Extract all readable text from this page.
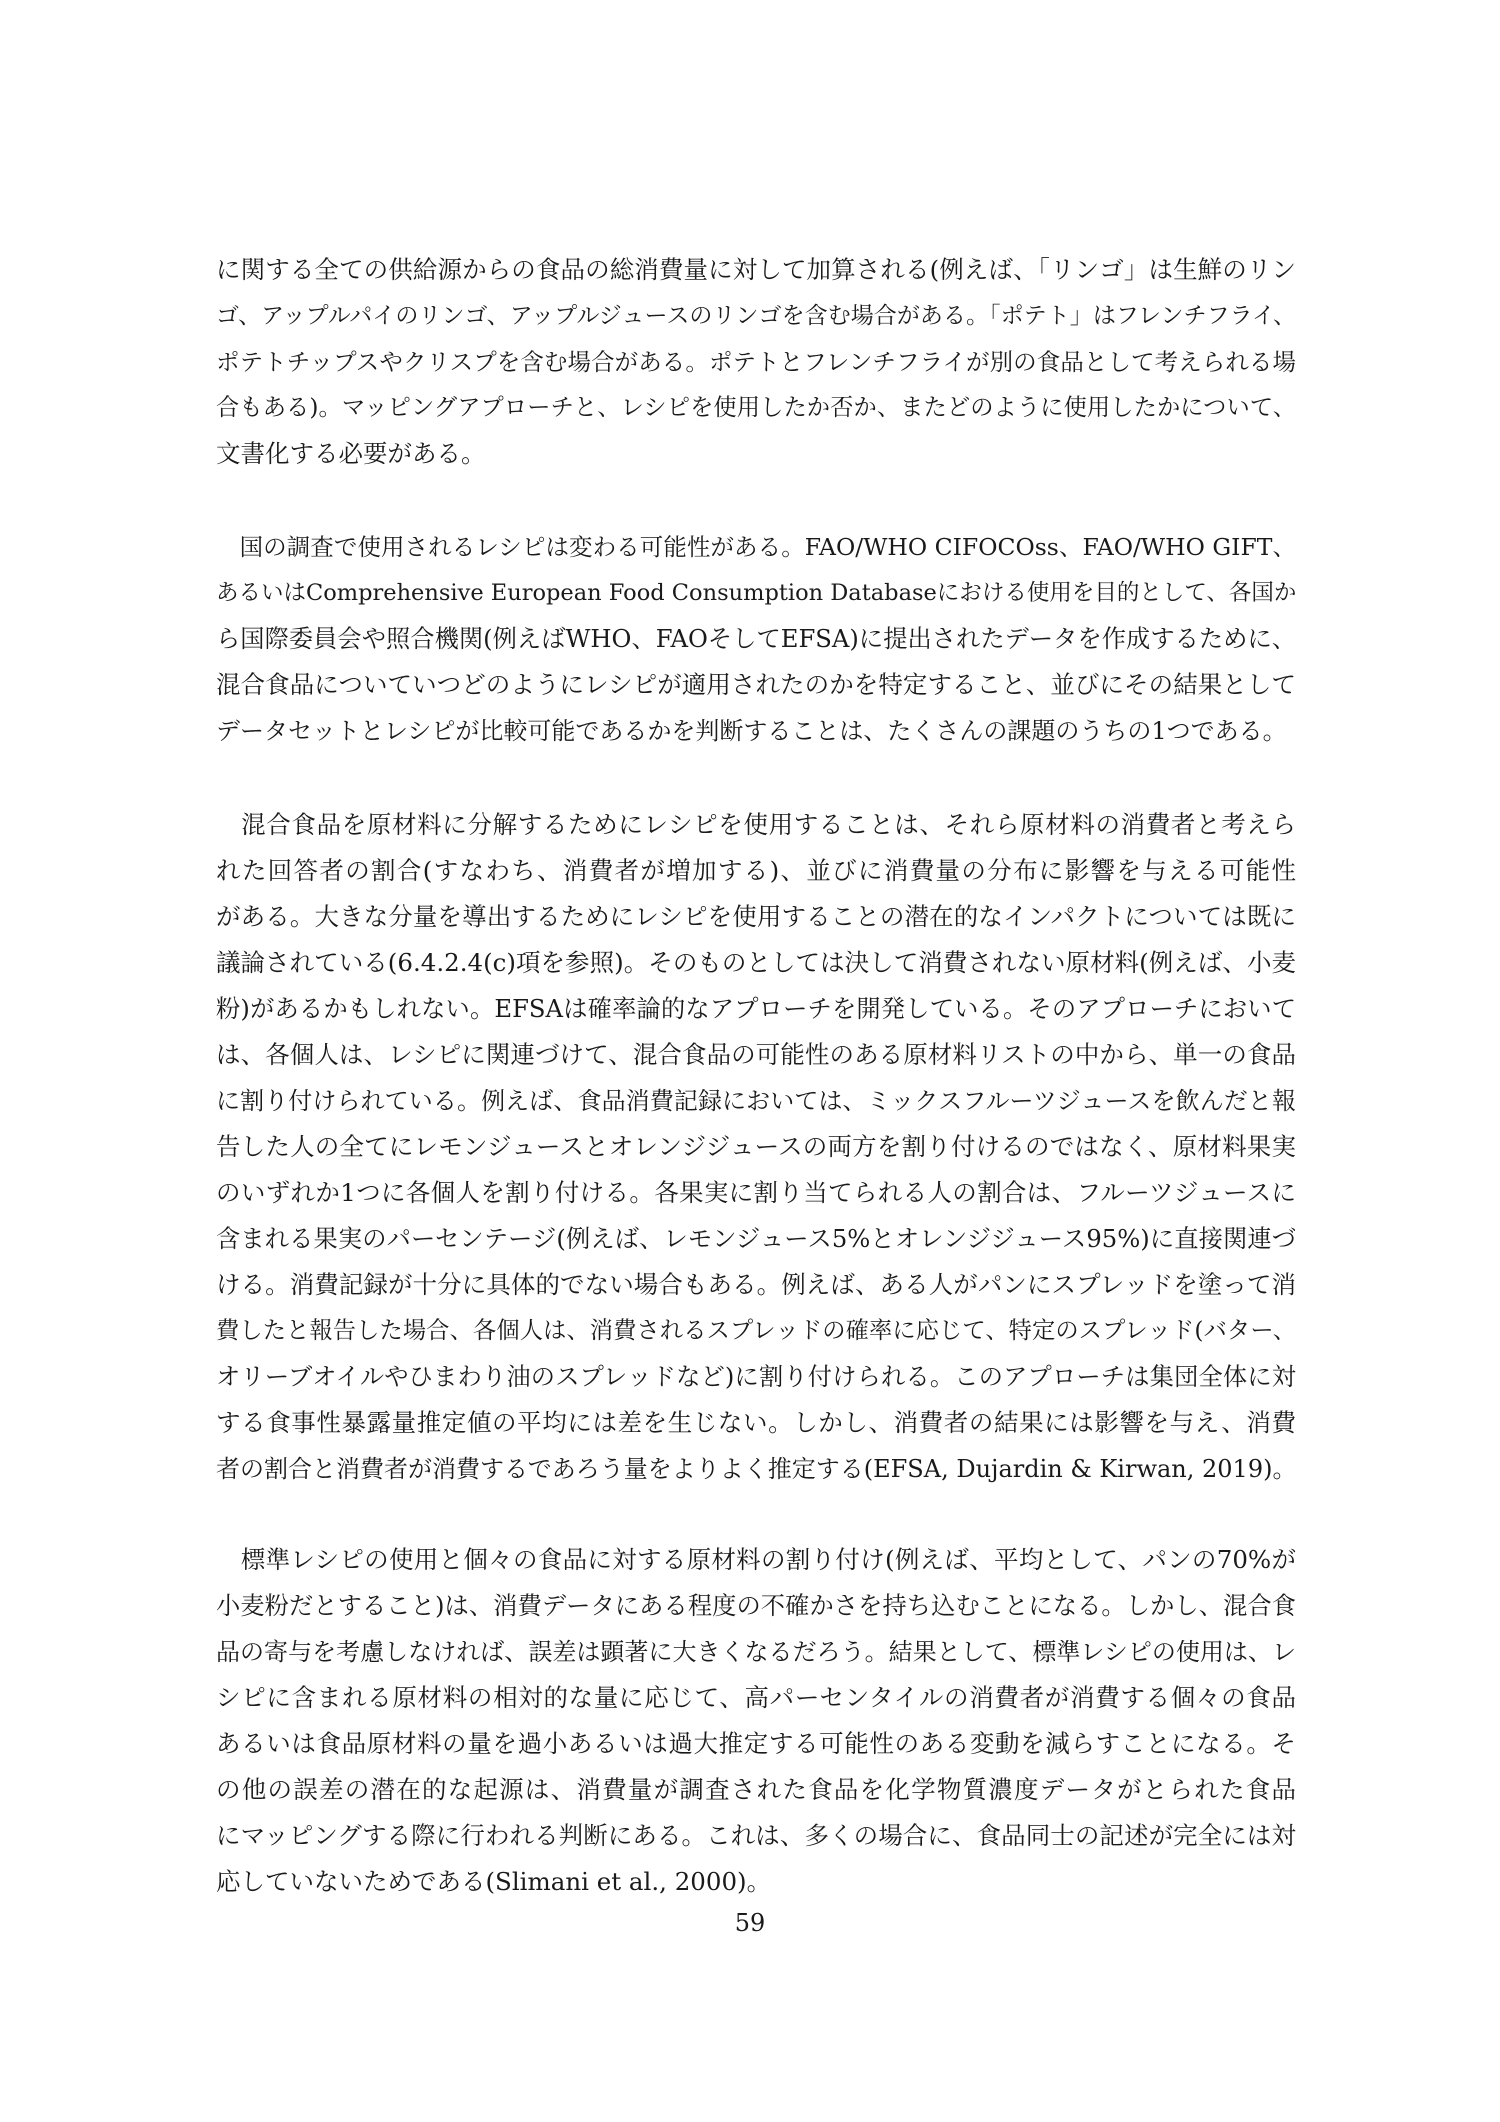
に関する全ての供給源からの食品の総消費量に対して加算される(例えば、「リンゴ」は生鮮のリン
ゴ、アップルパイのリンゴ、アップルジュースのリンゴを含む場合がある。「ポテト」はフレンチフライ、
ポテトチップスやクリスプを含む場合がある。ポテトとフレンチフライが別の食品として考えられる場
合もある)。マッピングアプローチと、レシピを使用したか否か、またどのように使用したかについて、
文書化する必要がある。
　国の調査で使用されるレシピは変わる可能性がある。FAO/WHO CIFOCOss、FAO/WHO GIFT、
あるいはComprehensive European Food Consumption Databaseにおける使用を目的として、各国か
ら国際委員会や照合機関(例えばWHO、FAOそしてEFSA)に提出されたデータを作成するために、
混合食品についていつどのようにレシピが適用されたのかを特定すること、並びにその結果として
データセットとレシピが比較可能であるかを判断することは、たくさんの課題のうちの1つである。
　混合食品を原材料に分解するためにレシピを使用することは、それら原材料の消費者と考えら
れた回答者の割合(すなわち、消費者が増加する)、並びに消費量の分布に影響を与える可能性
がある。大きな分量を導出するためにレシピを使用することの潜在的なインパクトについては既に
議論されている(6.4.2.4(c)項を参照)。そのものとしては決して消費されない原材料(例えば、小麦
粉)があるかもしれない。EFSAは確率論的なアプローチを開発している。そのアプローチにおいて
は、各個人は、レシピに関連づけて、混合食品の可能性のある原材料リストの中から、単一の食品
に割り付けられている。例えば、食品消費記録においては、ミックスフルーツジュースを飲んだと報
告した人の全てにレモンジュースとオレンジジュースの両方を割り付けるのではなく、原材料果実
のいずれか1つに各個人を割り付ける。各果実に割り当てられる人の割合は、フルーツジュースに
含まれる果実のパーセンテージ(例えば、レモンジュース5%とオレンジジュース95%)に直接関連づ
ける。消費記録が十分に具体的でない場合もある。例えば、ある人がパンにスプレッドを塗って消
費したと報告した場合、各個人は、消費されるスプレッドの確率に応じて、特定のスプレッド(バター、
オリーブオイルやひまわり油のスプレッドなど)に割り付けられる。このアプローチは集団全体に対
する食事性暴露量推定値の平均には差を生じない。しかし、消費者の結果には影響を与え、消費
者の割合と消費者が消費するであろう量をよりよく推定する(EFSA, Dujardin & Kirwan, 2019)。
　標準レシピの使用と個々の食品に対する原材料の割り付け(例えば、平均として、パンの70%が
小麦粉だとすること)は、消費データにある程度の不確かさを持ち込むことになる。しかし、混合食
品の寄与を考慮しなければ、誤差は顕著に大きくなるだろう。結果として、標準レシピの使用は、レ
シピに含まれる原材料の相対的な量に応じて、高パーセンタイルの消費者が消費する個々の食品
あるいは食品原材料の量を過小あるいは過大推定する可能性のある変動を減らすことになる。そ
の他の誤差の潜在的な起源は、消費量が調査された食品を化学物質濃度データがとられた食品
にマッピングする際に行われる判断にある。これは、多くの場合に、食品同士の記述が完全には対
応していないためである(Slimani et al., 2000)。
59
